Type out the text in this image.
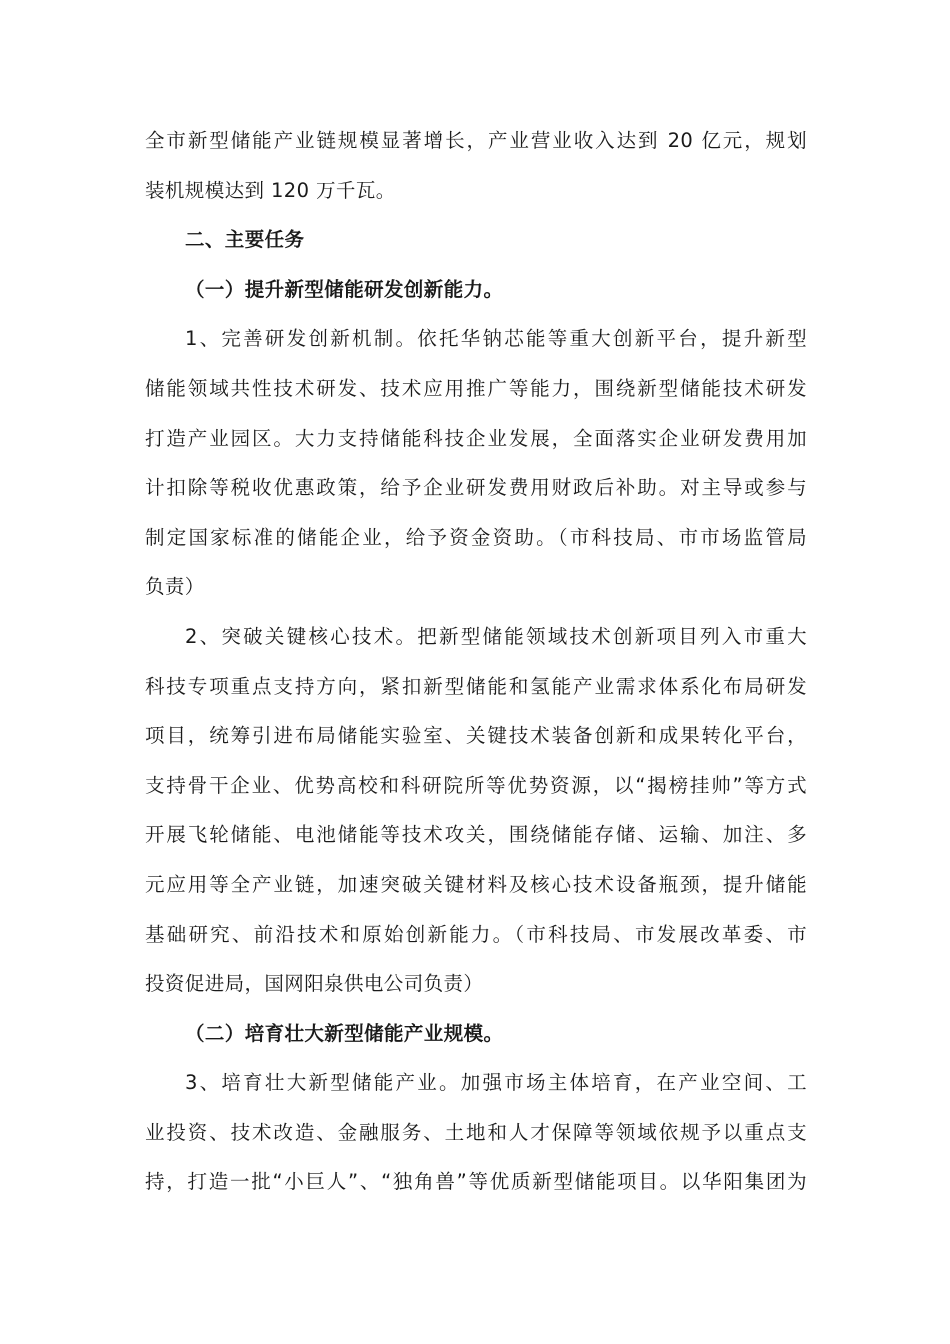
全市新型储能产业链规模显著增长，产业营业收入达到 20 亿元，规划
装机规模达到 120 万千瓦。
二、主要任务
（一）提升新型储能研发创新能力。
1、完善研发创新机制。依托华钠芯能等重大创新平台，提升新型
储能领域共性技术研发、技术应用推广等能力，围绕新型储能技术研发
打造产业园区。大力支持储能科技企业发展，全面落实企业研发费用加
计扣除等税收优惠政策，给予企业研发费用财政后补助。对主导或参与
制定国家标准的储能企业，给予资金资助。（市科技局、市市场监管局
负责）
2、突破关键核心技术。把新型储能领域技术创新项目列入市重大
科技专项重点支持方向，紧扣新型储能和氢能产业需求体系化布局研发
项目，统筹引进布局储能实验室、关键技术装备创新和成果转化平台，
支持骨干企业、优势高校和科研院所等优势资源，以“揭榜挂帅”等方式
开展飞轮储能、电池储能等技术攻关，围绕储能存储、运输、加注、多
元应用等全产业链，加速突破关键材料及核心技术设备瓶颈，提升储能
基础研究、前沿技术和原始创新能力。（市科技局、市发展改革委、市
投资促进局，国网阳泉供电公司负责）
（二）培育壮大新型储能产业规模。
3、培育壮大新型储能产业。加强市场主体培育，在产业空间、工
业投资、技术改造、金融服务、土地和人才保障等领域依规予以重点支
持，打造一批“小巨人”、“独角兽”等优质新型储能项目。以华阳集团为
